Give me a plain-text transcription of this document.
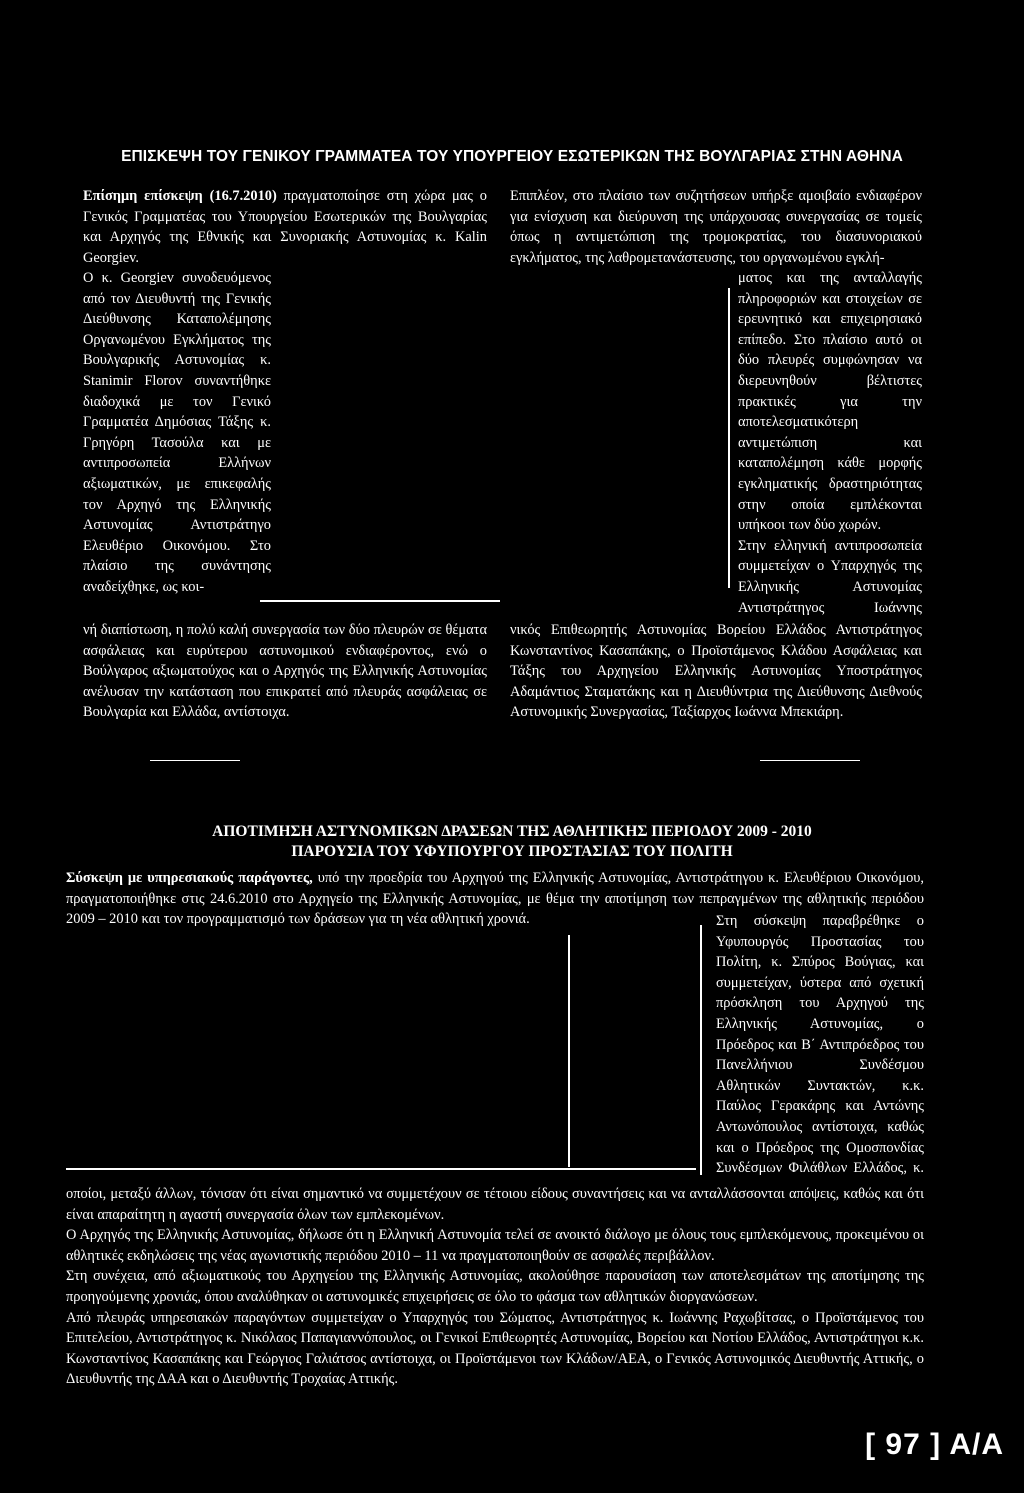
ΕΠΙΣΚΕΨΗ ΤΟΥ ΓΕΝΙΚΟΥ ΓΡΑΜΜΑΤΕΑ ΤΟΥ ΥΠΟΥΡΓΕΙΟΥ ΕΣΩΤΕΡΙΚΩΝ ΤΗΣ ΒΟΥΛΓΑΡΙΑΣ ΣΤΗΝ ΑΘΗΝΑ
Επίσημη επίσκεψη (16.7.2010) πραγματοποίησε στη χώρα μας ο Γενικός Γραμματέας του Υπουργείου Εσωτερικών της Βουλγαρίας και Αρχηγός της Εθνικής και Συνοριακής Αστυνομίας κ. Kalin Georgiev.
Ο κ. Georgiev συνοδευόμενος από τον Διευθυντή της Γενικής Διεύθυνσης Καταπολέμησης Οργανωμένου Εγκλήματος της Βουλγαρικής Αστυνομίας κ. Stanimir Florov συναντήθηκε διαδοχικά με τον Γενικό Γραμματέα Δημόσιας Τάξης κ. Γρηγόρη Τασούλα και με αντιπροσωπεία Ελλήνων αξιωματικών, με επικεφαλής τον Αρχηγό της Ελληνικής Αστυνομίας Αντιστράτηγο Ελευθέριο Οικονόμου. Στο πλαίσιο της συνάντησης αναδείχθηκε, ως κοι-
νή διαπίστωση, η πολύ καλή συνεργασία των δύο πλευρών σε θέματα ασφάλειας και ευρύτερου αστυνομικού ενδιαφέροντος, ενώ ο Βούλγαρος αξιωματούχος και ο Αρχηγός της Ελληνικής Αστυνομίας ανέλυσαν την κατάσταση που επικρατεί από πλευράς ασφάλειας σε Βουλγαρία και Ελλάδα, αντίστοιχα.
Επιπλέον, στο πλαίσιο των συζητήσεων υπήρξε αμοιβαίο ενδιαφέρον για ενίσχυση και διεύρυνση της υπάρχουσας συνεργασίας σε τομείς όπως η αντιμετώπιση της τρομοκρατίας, του διασυνοριακού εγκλήματος, της λαθρομετανάστευσης, του οργανωμένου εγκλή-
ματος και της ανταλλαγής πληροφοριών και στοιχείων σε ερευνητικό και επιχειρησιακό επίπεδο. Στο πλαίσιο αυτό οι δύο πλευρές συμφώνησαν να διερευνηθούν βέλτιστες πρακτικές για την αποτελεσματικότερη αντιμετώπιση και καταπολέμηση κάθε μορφής εγκληματικής δραστηριότητας στην οποία εμπλέκονται υπήκοοι των δύο χωρών.
Στην ελληνική αντιπροσωπεία συμμετείχαν ο Υπαρχηγός της Ελληνικής Αστυνομίας Αντιστράτηγος Ιωάννης
νικός Επιθεωρητής Αστυνομίας Βορείου Ελλάδος Αντιστράτηγος Κωνσταντίνος Κασαπάκης, ο Προϊστάμενος Κλάδου Ασφάλειας και Τάξης του Αρχηγείου Ελληνικής Αστυνομίας Υποστράτηγος Αδαμάντιος Σταματάκης και η Διευθύντρια της Διεύθυνσης Διεθνούς Αστυνομικής Συνεργασίας, Ταξίαρχος Ιωάννα Μπεκιάρη.
ΑΠΟΤΙΜΗΣΗ ΑΣΤΥΝΟΜΙΚΩΝ ΔΡΑΣΕΩΝ ΤΗΣ ΑΘΛΗΤΙΚΗΣ ΠΕΡΙΟΔΟΥ 2009 - 2010
ΠΑΡΟΥΣΙΑ ΤΟΥ ΥΦΥΠΟΥΡΓΟΥ ΠΡΟΣΤΑΣΙΑΣ ΤΟΥ ΠΟΛΙΤΗ
Σύσκεψη με υπηρεσιακούς παράγοντες, υπό την προεδρία του Αρχηγού της Ελληνικής Αστυνομίας, Αντιστράτηγου κ. Ελευθέριου Οικονόμου, πραγματοποιήθηκε στις 24.6.2010 στο Αρχηγείο της Ελληνικής Αστυνομίας, με θέμα την αποτίμηση των πεπραγμένων της αθλητικής περιόδου 2009 – 2010 και τον προγραμματισμό των δράσεων για τη νέα αθλητική χρονιά.	Στη σύσκεψη παραβρέθηκε ο Υφυπουργός Προστασίας του Πολίτη, κ. Σπύρος Βούγιας, και συμμετείχαν, ύστερα από σχετική πρόσκληση του Αρχηγού της Ελληνικής Αστυνομίας, ο Πρόεδρος και Β΄ Αντιπρόεδρος του Πανελλήνιου Συνδέσμου Αθλητικών Συντακτών, κ.κ. Παύλος Γερακάρης και Αντώνης Αντωνόπουλος αντίστοιχα, καθώς και ο Πρόεδρος της Ομοσπονδίας Συνδέσμων Φιλάθλων Ελλάδος, κ.

οποίοι, μεταξύ άλλων, τόνισαν ότι είναι σημαντικό να συμμετέχουν σε τέτοιου είδους συναντήσεις και να ανταλλάσσονται απόψεις, καθώς και ότι είναι απαραίτητη η αγαστή συνεργασία όλων των εμπλεκομένων.

Ο Αρχηγός της Ελληνικής Αστυνομίας, δήλωσε ότι η Ελληνική Αστυνομία τελεί σε ανοικτό διάλογο με όλους τους εμπλεκόμενους, προκειμένου οι αθλητικές εκδηλώσεις της νέας αγωνιστικής περιόδου 2010 – 11 να πραγματοποιηθούν σε ασφαλές περιβάλλον.

Στη συνέχεια, από αξιωματικούς του Αρχηγείου της Ελληνικής Αστυνομίας, ακολούθησε παρουσίαση των αποτελεσμάτων της αποτίμησης της προηγούμενης χρονιάς, όπου αναλύθηκαν οι αστυνομικές επιχειρήσεις σε όλο το φάσμα των αθλητικών διοργανώσεων.

Από πλευράς υπηρεσιακών παραγόντων συμμετείχαν ο Υπαρχηγός του Σώματος, Αντιστράτηγος κ. Ιωάννης Ραχωβίτσας, ο Προϊστάμενος του Επιτελείου, Αντιστράτηγος κ. Νικόλαος Παπαγιαννόπουλος, οι Γενικοί Επιθεωρητές Αστυνομίας, Βορείου και Νοτίου Ελλάδος, Αντιστράτηγοι κ.κ. Κωνσταντίνος Κασαπάκης και Γεώργιος Γαλιάτσος αντίστοιχα, οι Προϊστάμενοι των Κλάδων/ΑΕΑ, ο Γενικός Αστυνομικός Διευθυντής Αττικής, ο Διευθυντής της ΔΑΑ και ο Διευθυντής Τροχαίας Αττικής.

[ 97 ] Α/Α
